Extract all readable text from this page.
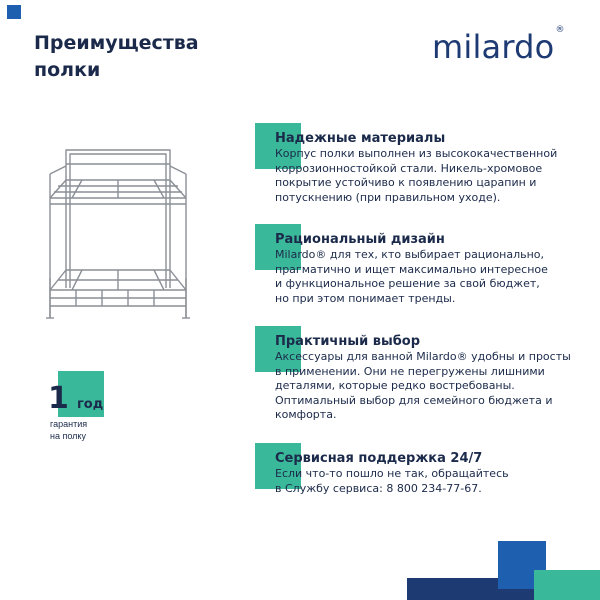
Преимущества
полки
milardo®
1 год
гарантия
на полку

Надежные материалы

Корпус полки выполнен из высококачественной
коррозионностойкой стали. Никель-хромовое
покрытие устойчиво к появлению царапин и
потускнению (при правильном уходе).

Рациональный дизайн

Milardo® для тех, кто выбирает рационально,
прагматично и ищет максимально интересное
и функциональное решение за свой бюджет,
но при этом понимает тренды.

Практичный выбор

Аксессуары для ванной Milardo® удобны и просты
в применении. Они не перегружены лишними
деталями, которые редко востребованы.
Оптимальный выбор для семейного бюджета и
комфорта.

Сервисная поддержка 24/7

Если что-то пошло не так, обращайтесь
в Службу сервиса: 8 800 234-77-67.
